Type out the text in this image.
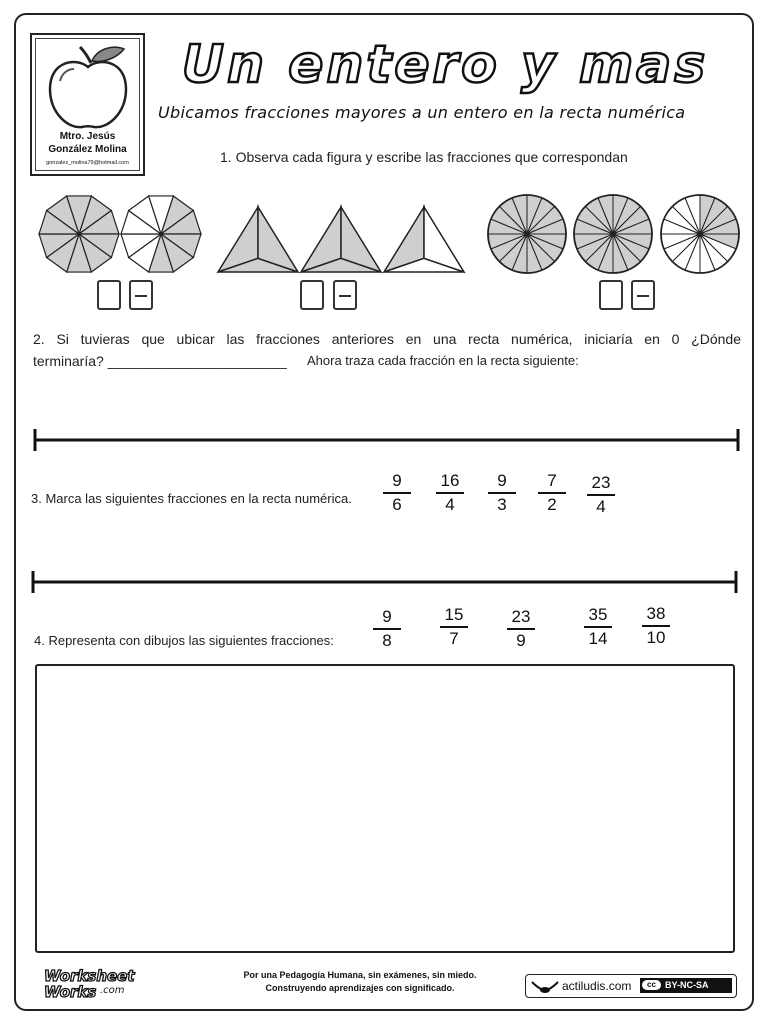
Mtro. Jesús
González Molina
gonzalez_molina79@hotmail.com
Un entero y mas
Ubicamos fracciones mayores a un entero en la recta numérica
1. Observa cada figura y escribe las fracciones que correspondan
2. Si tuvieras que ubicar las fracciones anteriores en una recta numérica, iniciaría en 0 ¿Dónde
terminaría? _______________________ Ahora traza cada fracción en la recta siguiente:
3. Marca las siguientes fracciones en la recta numérica.
9
6
16
4
9
3
7
2
23
4
4. Representa con dibujos las siguientes fracciones:
9
8
15
7
23
9
35
14
38
10
Worksheet
Works .com
Por una Pedagogía Humana, sin exámenes, sin miedo.
Construyendo aprendizajes con significado.	actiludis.com	cc	BY-NC-SA
